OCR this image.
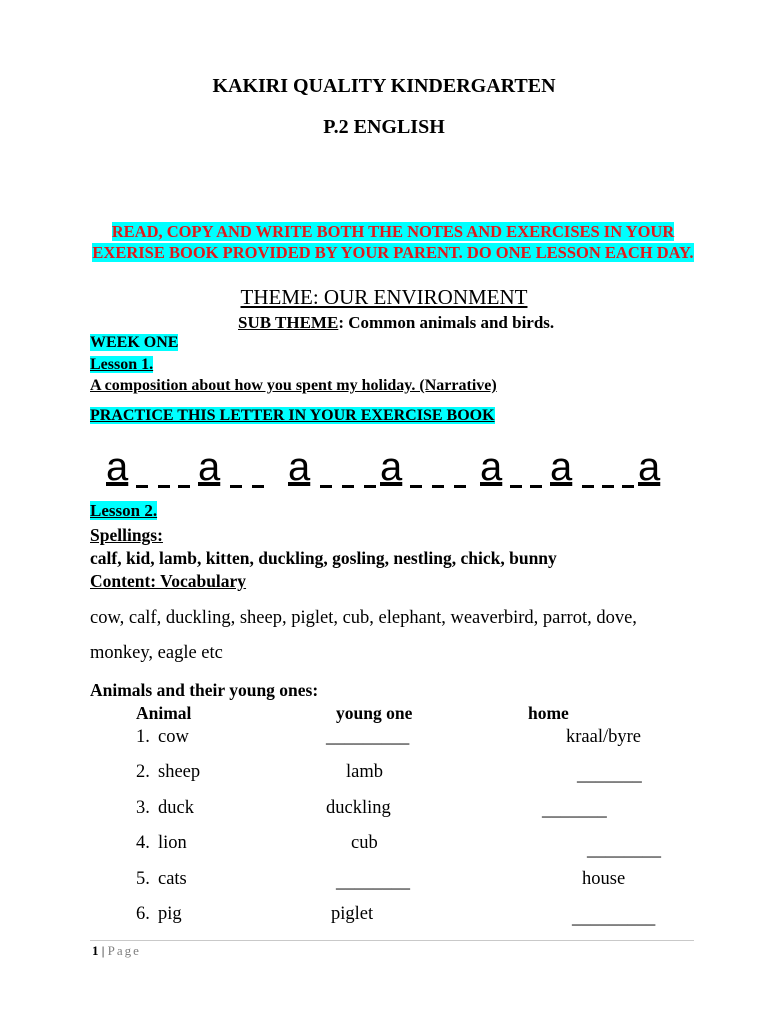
KAKIRI QUALITY KINDERGARTEN
P.2 ENGLISH
READ, COPY AND WRITE BOTH THE NOTES AND EXERCISES IN YOUR EXERISE BOOK PROVIDED BY YOUR PARENT. DO ONE LESSON EACH DAY.
THEME: OUR ENVIRONMENT
SUB THEME: Common animals and birds.
WEEK ONE
Lesson 1.
A composition about how you spent my holiday. (Narrative)
PRACTICE THIS LETTER IN YOUR EXERCISE BOOK
a a a a a a a
Lesson 2.
Spellings:
calf, kid, lamb, kitten, duckling, gosling, nestling, chick, bunny
Content: Vocabulary
cow, calf, duckling, sheep, piglet, cub, elephant, weaverbird, parrot, dove,
monkey, eagle etc
Animals and their young ones:
Animal	young one	home
1. cow	_________	kraal/byre
2. sheep	lamb	_______
3. duck	duckling	_______
4. lion	cub	________
5. cats	________	house
6. pig	piglet	_________
1 | Page
